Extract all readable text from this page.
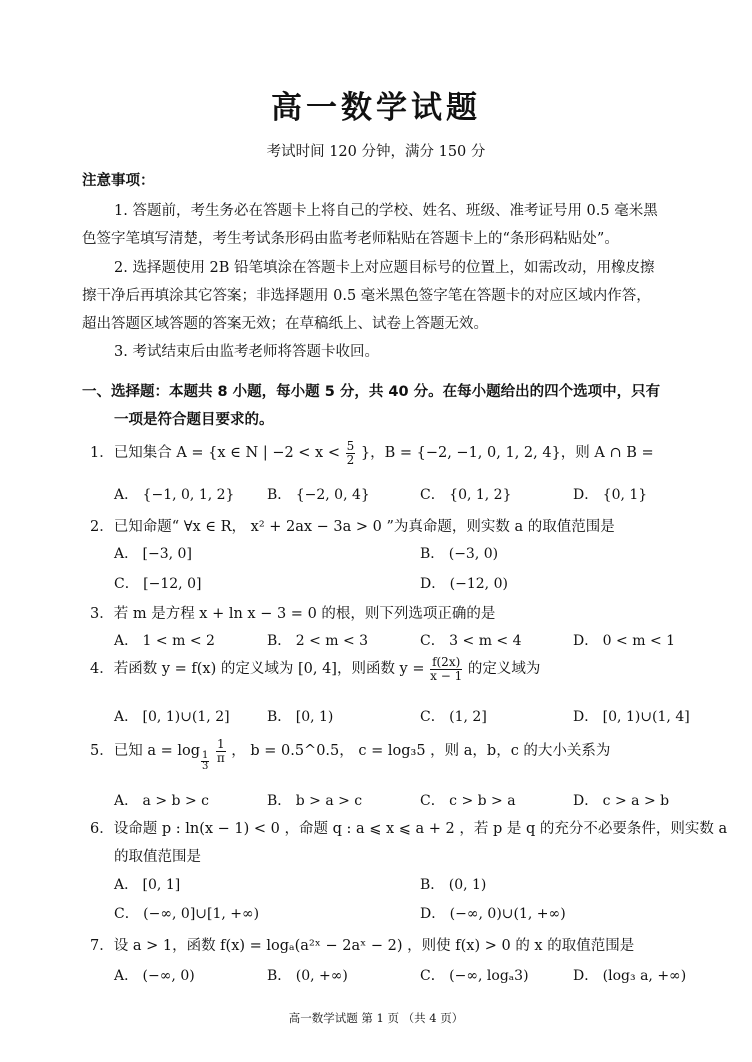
高一数学试题
考试时间 120 分钟，满分 150 分
注意事项：
1. 答题前，考生务必在答题卡上将自己的学校、姓名、班级、准考证号用 0.5 毫米黑
色签字笔填写清楚，考生考试条形码由监考老师粘贴在答题卡上的“条形码粘贴处”。
2. 选择题使用 2B 铅笔填涂在答题卡上对应题目标号的位置上，如需改动，用橡皮擦
擦干净后再填涂其它答案；非选择题用 0.5 毫米黑色签字笔在答题卡的对应区域内作答，
超出答题区域答题的答案无效；在草稿纸上、试卷上答题无效。
3. 考试结束后由监考老师将答题卡收回。
一、选择题：本题共 8 小题，每小题 5 分，共 40 分。在每小题给出的四个选项中，只有
一项是符合题目要求的。
1．已知集合 A = {x ∈ N | $-2 < x < \frac{5}{2}$ }，B = {−2, −1, 0, 1, 2, 4}，则 A ∩ B =
A． {−1, 0, 1, 2} B． {−2, 0, 4}	C． {0, 1, 2}	D． {0, 1}
2．已知命题“ ∀x ∈ R， x² + 2ax − 3a > 0 ”为真命题，则实数 a 的取值范围是
A． [−3, 0]	B． (−3, 0)
C． [−12, 0]	D． (−12, 0)
3．若 m 是方程 x + ln x − 3 = 0 的根，则下列选项正确的是
A． 1 < m < 2	B． 2 < m < 3	C． 3 < m < 4	D． 0 < m < 1
4．若函数 y = f(x) 的定义域为 [0, 4]，则函数 $y = \frac{f(2x)}{x - 1}$ 的定义域为
A． [0, 1)∪(1, 2]	B． [0, 1)	C． (1, 2]	D． [0, 1)∪(1, 4]
5．已知 $a = \log \frac{1}{3}$
$\frac{1}{\pi}$ ， b = 0.5^0.5， c = log₃5 ，则 a，b，c 的大小关系为
A． a > b > c	B． b > a > c	C． c > b > a	D． c > a > b
6．设命题 p : ln(x − 1) < 0 ，命题 q : a ⩽ x ⩽ a + 2 ，若 p 是 q 的充分不必要条件，则实数 a
的取值范围是
A． [0, 1]	B． (0, 1)
C． (−∞, 0]∪[1, +∞)	D． (−∞, 0)∪(1, +∞)
7．设 a > 1，函数 f(x) = logₐ(a²ˣ − 2aˣ − 2) ，则使 f(x) > 0 的 x 的取值范围是
A． (−∞, 0)	B． (0, +∞)	C． (−∞, logₐ3)	D． (log₃ a, +∞)
高一数学试题 第 1 页 （共 4 页）
